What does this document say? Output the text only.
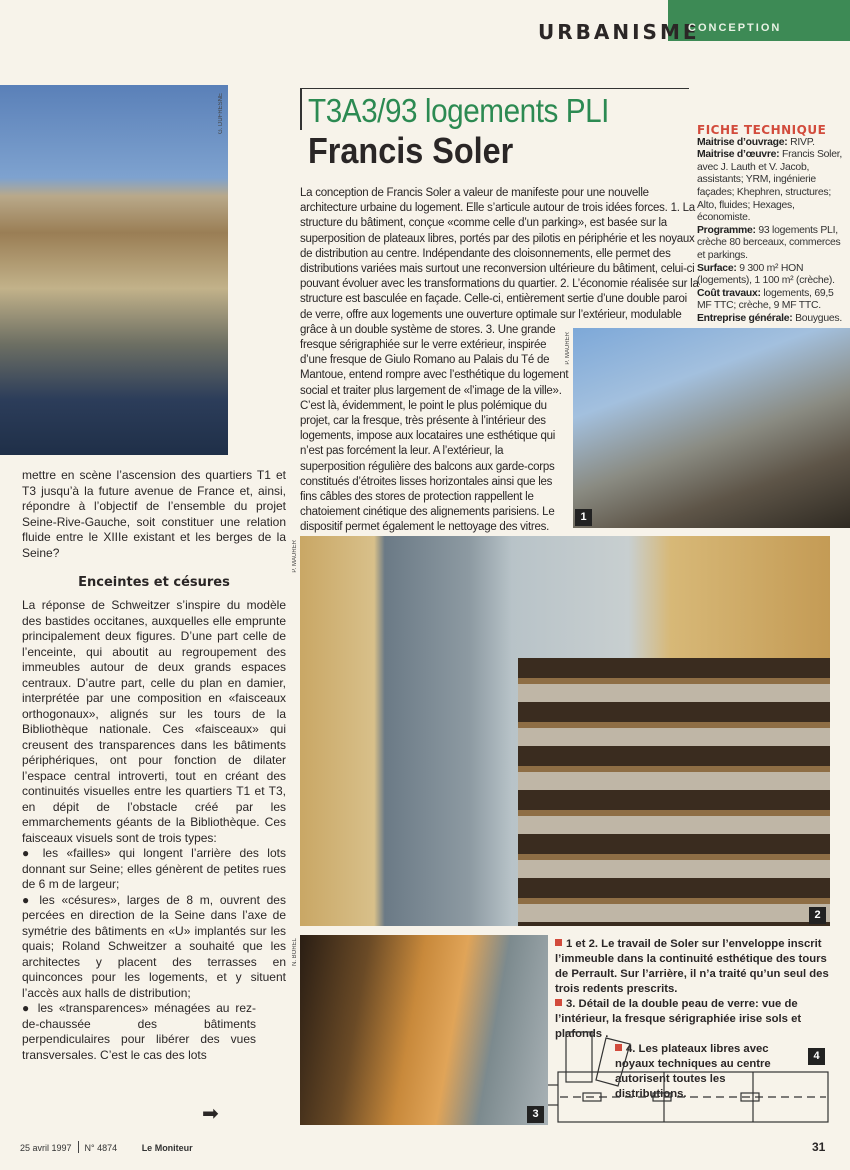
URBANISME
CONCEPTION
G. DUFRESNE

mettre en scène l’ascension des quartiers T1 et T3 jusqu’à la future avenue de France et, ainsi, répondre à l’objectif de l’ensemble du projet Seine-Rive-Gauche, soit constituer une relation fluide entre le XIIIe existant et les berges de la Seine?

Enceintes et césures

La réponse de Schweitzer s’inspire du modèle des bastides occitanes, auxquelles elle emprunte principalement deux figures. D’une part celle de l’enceinte, qui aboutit au regroupement des immeubles autour de deux grands espaces centraux. D’autre part, celle du plan en damier, interprétée par une composition en «faisceaux orthogonaux», alignés sur les tours de la Bibliothèque nationale. Ces «faisceaux» qui creusent des transparences dans les bâtiments périphériques, ont pour fonction de dilater l’espace central introverti, tout en créant des continuités visuelles entre les quartiers T1 et T3, en dépit de l’obstacle créé par les emmarchements géants de la Bibliothèque. Ces faisceaux visuels sont de trois types:

● les «failles» qui longent l’arrière des lots donnant sur Seine; elles génèrent de petites rues de 6 m de largeur;

● les «césures», larges de 8 m, ouvrent des percées en direction de la Seine dans l’axe de symétrie des bâtiments en «U» implantés sur les quais; Roland Schweitzer a souhaité que les architectes y placent des terrasses en quinconces pour les logements, et y situent l’accès aux halls de distribution;

● les «transparences» ménagées au rez-de-chaussée des bâtiments perpendiculaires pour libérer des vues transversales. C’est le cas des lots

➡
T3A3/93 logements PLI
Francis Soler
1
P. MAURER
2
P. MAURER
3
N. BOREL
FICHE TECHNIQUE
Maitrise d’ouvrage: RIVP.
Maitrise d’œuvre: Francis Soler, avec J. Lauth et V. Jacob, assistants; YRM, ingénierie façades; Khephren, structures; Alto, fluides; Hexages, économiste.
Programme: 93 logements PLI, crèche 80 berceaux, commerces et parkings.
Surface: 9 300 m² HON (logements), 1 100 m² (crèche).
Coût travaux: logements, 69,5 MF TTC; crèche, 9 MF TTC.
Entreprise générale: Bouygues.
La conception de Francis Soler a valeur de manifeste pour une nouvelle architecture urbaine du logement. Elle s’articule autour de trois idées forces. 1. La structure du bâtiment, conçue «comme celle d’un parking», est basée sur la superposition de plateaux libres, portés par des pilotis en périphérie et les noyaux de distribution au centre. Indépendante des cloisonnements, elle permet des distributions variées mais surtout une reconversion ultérieure du bâtiment, celui-ci pouvant évoluer avec les transformations du quartier. 2. L’économie réalisée sur la structure est basculée en façade. Celle-ci, entièrement sertie d’une double paroi de verre, offre aux logements une ouverture optimale sur l’extérieur, modulable grâce à un double système de stores. 3. Une grande fresque sérigraphiée sur le verre extérieur, inspirée d’une fresque de Giulo Romano au Palais du Té de Mantoue, entend rompre avec l’esthétique du logement social et traiter plus largement de «l’image de la ville». C’est là, évidemment, le point le plus polémique du projet, car la fresque, très présente à l’intérieur des logements, impose aux locataires une esthétique qui n’est pas forcément la leur. A l’extérieur, la superposition régulière des balcons aux garde-corps constitués d’étroites lisses horizontales ainsi que les fins câbles des stores de protection rappellent le chatoiement cinétique des alignements parisiens. Le dispositif permet également le nettoyage des vitres.
1 et 2. Le travail de Soler sur l’enveloppe inscrit l’immeuble dans la continuité esthétique des tours de Perrault. Sur l’arrière, il n’a traité qu’un seul des trois redents prescrits.
3. Détail de la double peau de verre: vue de l’intérieur, la fresque sérigraphiée irise sols et plafonds .
4. Les plateaux libres avec noyaux techniques au centre autorisent toutes les distributions.
4
25 avril 1997 N° 4874	Le Moniteur	31
